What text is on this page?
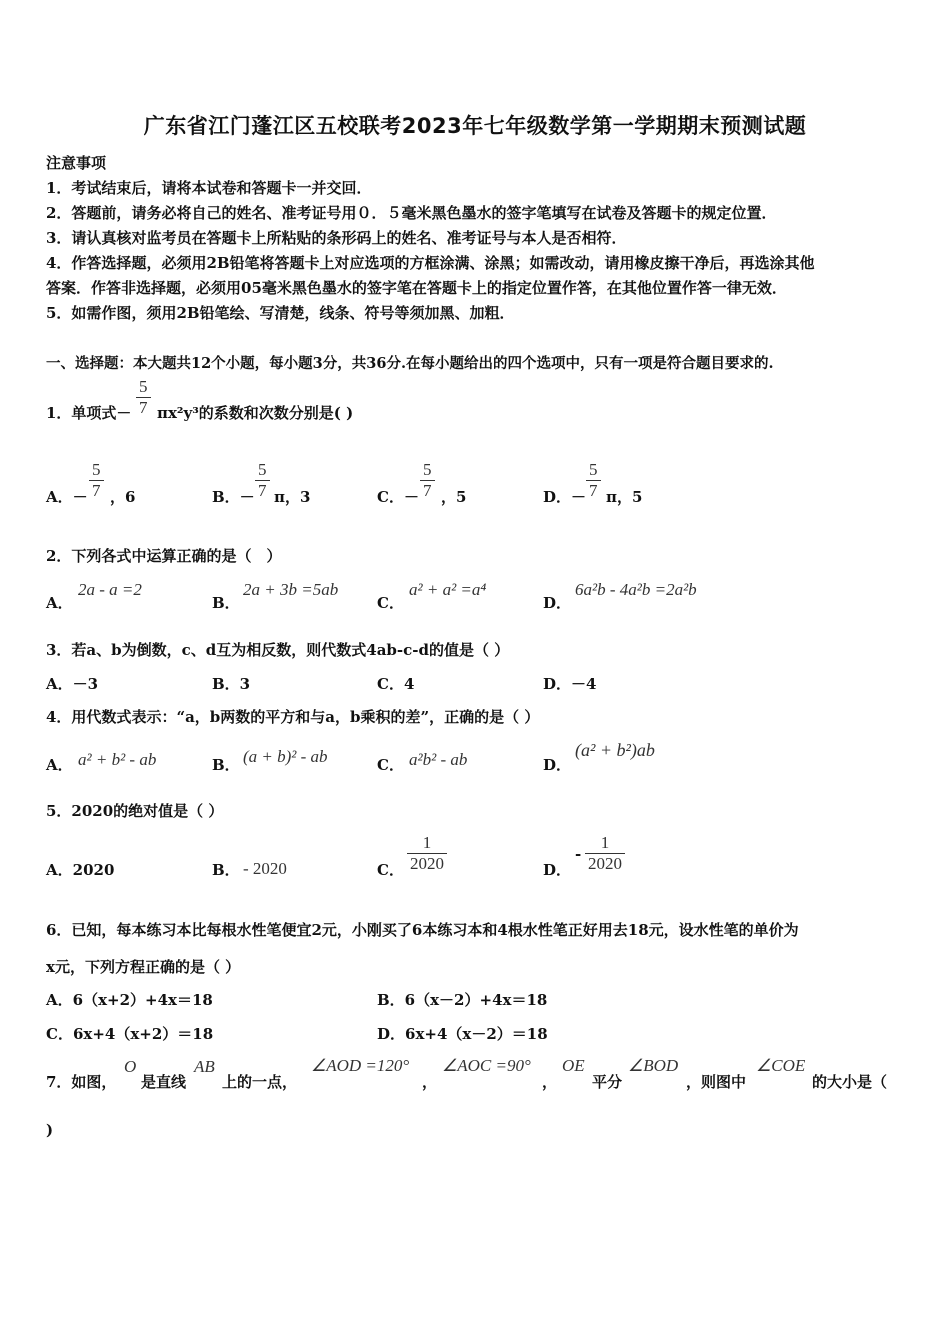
广东省江门蓬江区五校联考2023年七年级数学第一学期期末预测试题
注意事项
1．考试结束后，请将本试卷和答题卡一并交回．
2．答题前，请务必将自己的姓名、准考证号用０．５毫米黑色墨水的签字笔填写在试卷及答题卡的规定位置．
3．请认真核对监考员在答题卡上所粘贴的条形码上的姓名、准考证号与本人是否相符．
4．作答选择题，必须用2B铅笔将答题卡上对应选项的方框涂满、涂黑；如需改动，请用橡皮擦干净后，再选涂其他
答案．作答非选择题，必须用05毫米黑色墨水的签字笔在答题卡上的指定位置作答，在其他位置作答一律无效．
5．如需作图，须用2B铅笔绘、写清楚，线条、符号等须加黑、加粗．
一、选择题：本大题共12个小题，每小题3分，共36分.在每小题给出的四个选项中，只有一项是符合题目要求的.
1．单项式－ $\frac{5}{7} \pi x^2y^3$的系数和次数分别是( )
A．－ $\frac{5}{7}$ ，6	B．－ $\frac{5}{7}$ π，3	C．－ $\frac{5}{7}$ ，5	D．－ $\frac{5}{7}$ π，5
2．下列各式中运算正确的是（　）
A．
2a - a =2
B．
2a + 3b =5ab
C．
a² + a² =a⁴
D．
6a²b - 4a²b =2a²b
3．若a、b为倒数，c、d互为相反数，则代数式4ab-c-d的值是（ ）
A．－3	B．3	C．4	D．－4
4．用代数式表示：“a，b两数的平方和与a，b乘积的差”，正确的是（ ）
A． a² + b² - ab	B． (a + b)² - ab	C． a²b² - ab	D．
(a² + b²)ab
5．2020的绝对值是（ ）
A．2020	B． - 2020	C． $\frac{1}{2020}$	D．
- $\frac{1}{2020}$
6．已知，每本练习本比每根水性笔便宜2元，小刚买了6本练习本和4根水性笔正好用去18元，设水性笔的单价为
x元，下列方程正确的是（ ）
A．6（x+2）+4x＝18	B．6（x－2）+4x＝18
C．6x+4（x+2）＝18	D．6x+4（x－2）＝18
7．如图，
O
是直线
AB
上的一点，
∠AOD =120°
，
∠AOC =90°
，
OE
平分
∠BOD
，则图中
∠COE
的大小是（
)
